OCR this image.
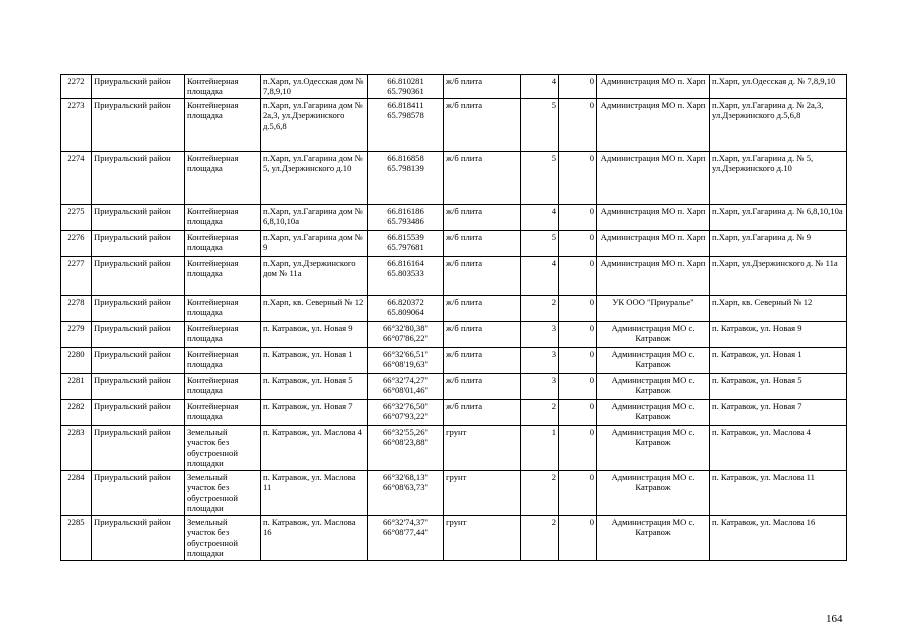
2272	Приуральский район	Контейнерная площадка	п.Харп, ул.Одесская дом № 7,8,9,10	66.810281 65.790361	ж/б плита	4	0	Администрация МО п. Харп	п.Харп, ул.Одесская д. № 7,8,9,10
2273	Приуральский район	Контейнерная площадка	п.Харп, ул.Гагарина дом № 2а,3, ул.Дзержинского д.5,6,8	66.818411 65.798578	ж/б плита	5	0	Администрация МО п. Харп	п.Харп, ул.Гагарина д. № 2а,3, ул.Дзержинского д.5,6,8
2274	Приуральский район	Контейнерная площадка	п.Харп, ул.Гагарина дом № 5, ул.Дзержинского д.10	66.816858 65.798139	ж/б плита	5	0	Администрация МО п. Харп	п.Харп, ул.Гагарина д. № 5, ул.Дзержинского д.10
2275	Приуральский район	Контейнерная площадка	п.Харп, ул.Гагарина дом № 6,8,10,10а	66.816186 65.793486	ж/б плита	4	0	Администрация МО п. Харп	п.Харп, ул.Гагарина д. № 6,8,10,10а
2276	Приуральский район	Контейнерная площадка	п.Харп, ул.Гагарина дом № 9	66.815539 65.797681	ж/б плита	5	0	Администрация МО п. Харп	п.Харп, ул.Гагарина д. № 9
2277	Приуральский район	Контейнерная площадка	п.Харп, ул.Дзержинского дом № 11а	66.816164 65.803533	ж/б плита	4	0	Администрация МО п. Харп	п.Харп, ул.Дзержинского д. № 11а
2278	Приуральский район	Контейнерная площадка	п.Харп, кв. Северный № 12	66.820372 65.809064	ж/б плита	2	0	УК ООО "Приуралье"	п.Харп, кв. Северный № 12
2279	Приуральский район	Контейнерная площадка	п. Катравож, ул. Новая 9	66°32'80,38" 66°07'86,22"	ж/б плита	3	0	Администрация МО с. Катравож	п. Катравож, ул. Новая 9
2280	Приуральский район	Контейнерная площадка	п. Катравож, ул. Новая 1	66°32'66,51" 66°08'19,63"	ж/б плита	3	0	Администрация МО с. Катравож	п. Катравож, ул. Новая 1
2281	Приуральский район	Контейнерная площадка	п. Катравож, ул. Новая 5	66°32'74,27" 66°08'01,46"	ж/б плита	3	0	Администрация МО с. Катравож	п. Катравож, ул. Новая 5
2282	Приуральский район	Контейнерная площадка	п. Катравож, ул. Новая 7	66°32'76,50" 66°07'93,22"	ж/б плита	2	0	Администрация МО с. Катравож	п. Катравож, ул. Новая 7
2283	Приуральский район	Земельный участок без обустроенной площадки	п. Катравож, ул. Маслова 4	66°32'55,26" 66°08'23,88"	грунт	1	0	Администрация МО с. Катравож	п. Катравож, ул. Маслова 4
2284	Приуральский район	Земельный участок без обустроенной площадки	п. Катравож, ул. Маслова 11	66°32'68,13" 66°08'63,73"	грунт	2	0	Администрация МО с. Катравож	п. Катравож, ул. Маслова 11
2285	Приуральский район	Земельный участок без обустроенной площадки	п. Катравож, ул. Маслова 16	66°32'74,37" 66°08'77,44"	грунт	2	0	Администрация МО с. Катравож	п. Катравож, ул. Маслова 16
164
